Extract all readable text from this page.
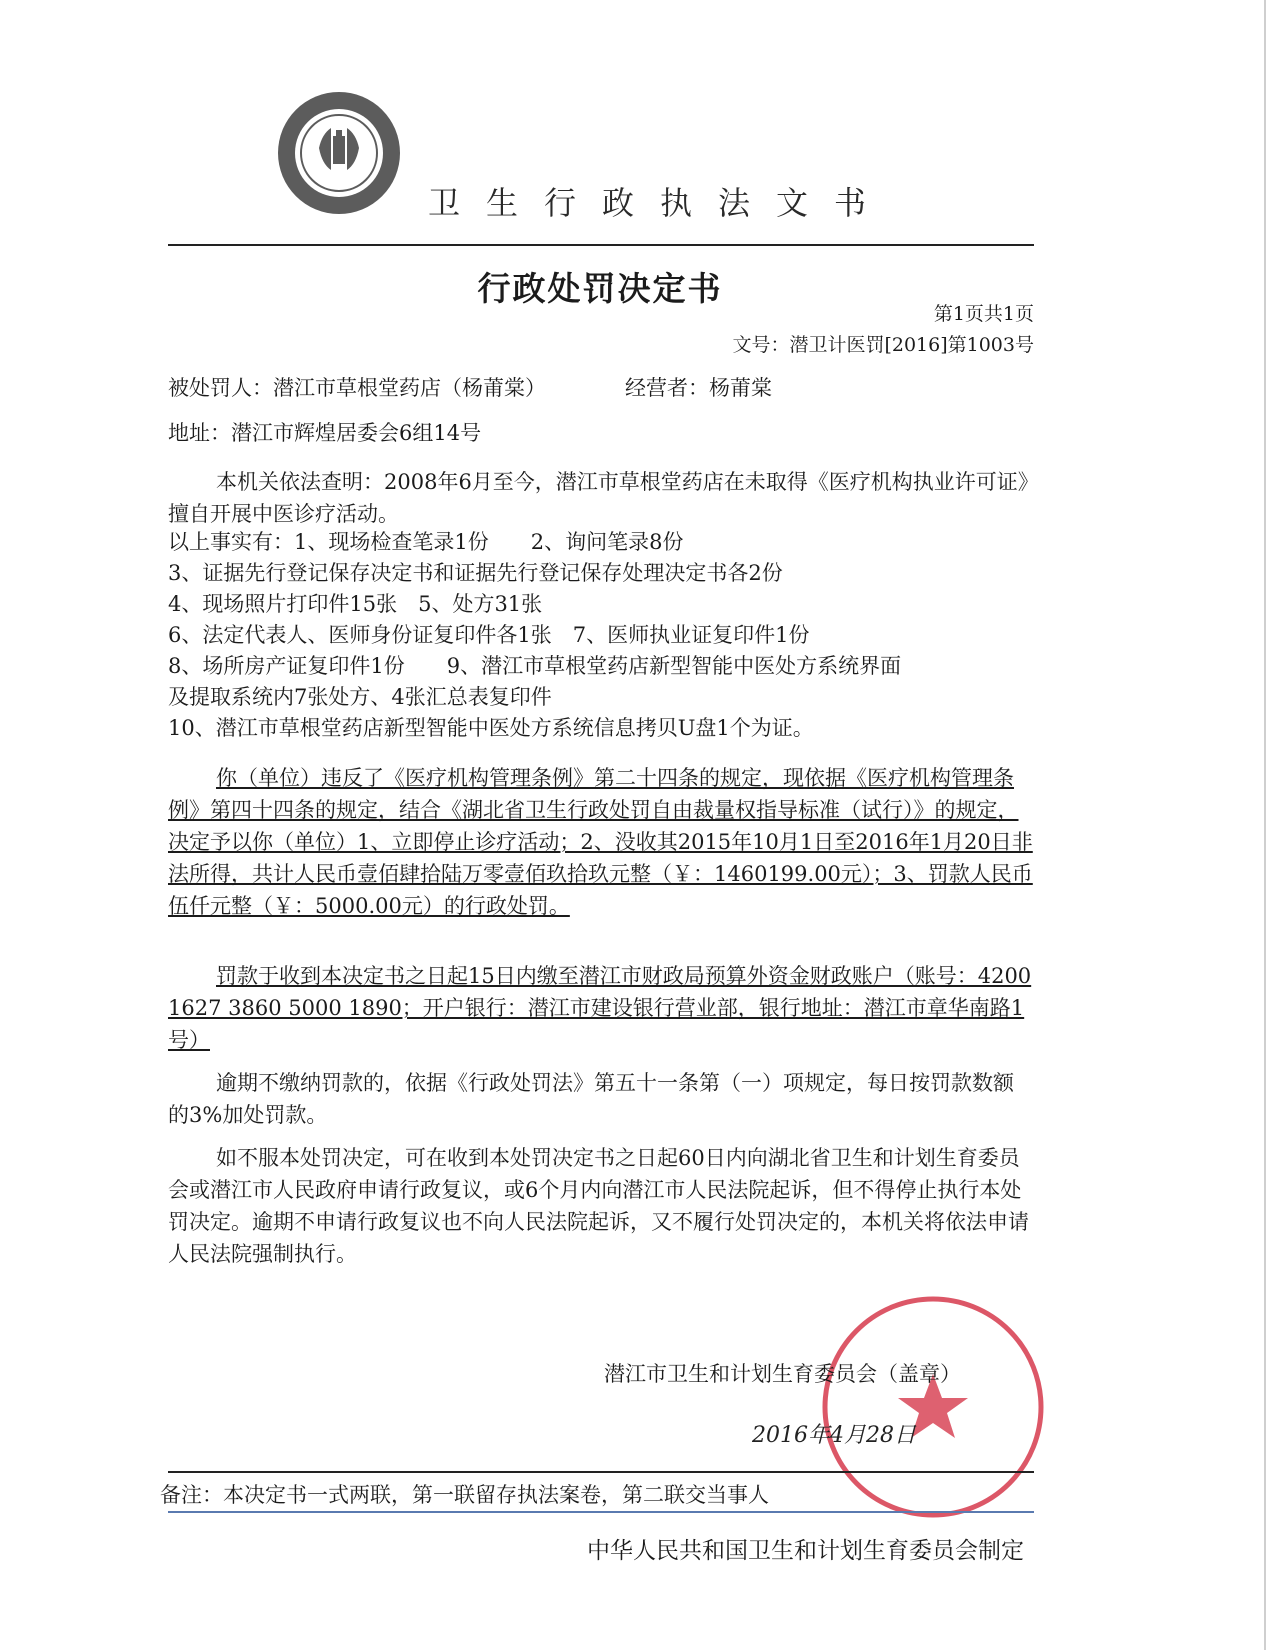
卫生行政执法文书
行政处罚决定书
第1页共1页
文号：潜卫计医罚[2016]第1003号
被处罚人：潜江市草根堂药店（杨莆棠）	经营者：杨莆棠
地址：潜江市辉煌居委会6组14号
本机关依法查明：2008年6月至今，潜江市草根堂药店在未取得《医疗机构执业许可证》擅自开展中医诊疗活动。
以上事实有：1、现场检查笔录1份　　2、询问笔录8份
3、证据先行登记保存决定书和证据先行登记保存处理决定书各2份
4、现场照片打印件15张　5、处方31张
6、法定代表人、医师身份证复印件各1张　7、医师执业证复印件1份
8、场所房产证复印件1份　　9、潜江市草根堂药店新型智能中医处方系统界面
及提取系统内7张处方、4张汇总表复印件
10、潜江市草根堂药店新型智能中医处方系统信息拷贝U盘1个为证。
你（单位）违反了《医疗机构管理条例》第二十四条的规定，现依据《医疗机构管理条例》第四十四条的规定，结合《湖北省卫生行政处罚自由裁量权指导标准（试行）》的规定，决定予以你（单位）1、立即停止诊疗活动；2、没收其2015年10月1日至2016年1月20日非法所得，共计人民币壹佰肆拾陆万零壹佰玖拾玖元整（￥：1460199.00元）；3、罚款人民币伍仟元整（￥：5000.00元）的行政处罚。
罚款于收到本决定书之日起15日内缴至潜江市财政局预算外资金财政账户（账号：4200 1627 3860 5000 1890；开户银行：潜江市建设银行营业部，银行地址：潜江市章华南路1号）
逾期不缴纳罚款的，依据《行政处罚法》第五十一条第（一）项规定，每日按罚款数额的3%加处罚款。
如不服本处罚决定，可在收到本处罚决定书之日起60日内向湖北省卫生和计划生育委员会或潜江市人民政府申请行政复议，或6个月内向潜江市人民法院起诉，但不得停止执行本处罚决定。逾期不申请行政复议也不向人民法院起诉，又不履行处罚决定的，本机关将依法申请人民法院强制执行。
潜江市卫生和计划生育委员会（盖章）
2016年4月28日
备注：本决定书一式两联，第一联留存执法案卷，第二联交当事人
中华人民共和国卫生和计划生育委员会制定
